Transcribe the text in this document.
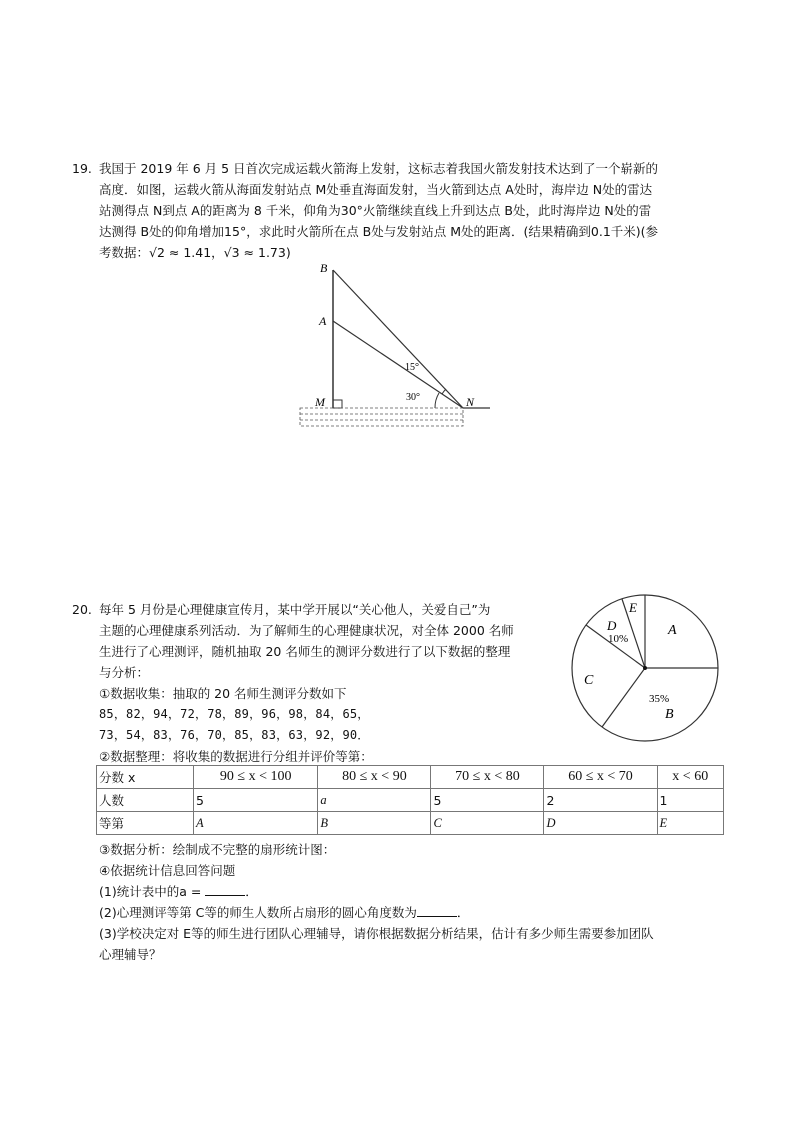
19. 我国于 2019 年 6 月 5 日首次完成运载火箭海上发射，这标志着我国火箭发射技术达到了一个崭新的
高度．如图，运载火箭从海面发射站点 M处垂直海面发射，当火箭到达点 A处时，海岸边 N处的雷达
站测得点 N到点 A的距离为 8 千米，仰角为30°火箭继续直线上升到达点 B处，此时海岸边 N处的雷
达测得 B处的仰角增加15°，求此时火箭所在点 B处与发射站点 M处的距离．(结果精确到0.1千米)(参
考数据：√2 ≈ 1.41，√3 ≈ 1.73)
B
A
M	N
15°
30°
20. 每年 5 月份是心理健康宣传月，某中学开展以“关心他人，关爱自己”为
主题的心理健康系列活动．为了解师生的心理健康状况，对全体 2000 名师
生进行了心理测评，随机抽取 20 名师生的测评分数进行了以下数据的整理
与分析：
①数据收集：抽取的 20 名师生测评分数如下
85，82，94，72，78，89，96，98，84，65，
73，54，83，76，70，85，83，63，92，90．
②数据整理：将收集的数据进行分组并评价等第：
A
35%
B
C
D
10%
E
分数 x	90 ≤ x < 100	80 ≤ x < 90	70 ≤ x < 80	60 ≤ x < 70	x < 60
人数	5	a	5	2	1
等第	A	B	C	D	E
③数据分析：绘制成不完整的扇形统计图：
④依据统计信息回答问题
(1)统计表中的a =	．
(2)心理测评等第 C等的师生人数所占扇形的圆心角度数为	．
(3)学校决定对 E等的师生进行团队心理辅导，请你根据数据分析结果，估计有多少师生需要参加团队
心理辅导？
